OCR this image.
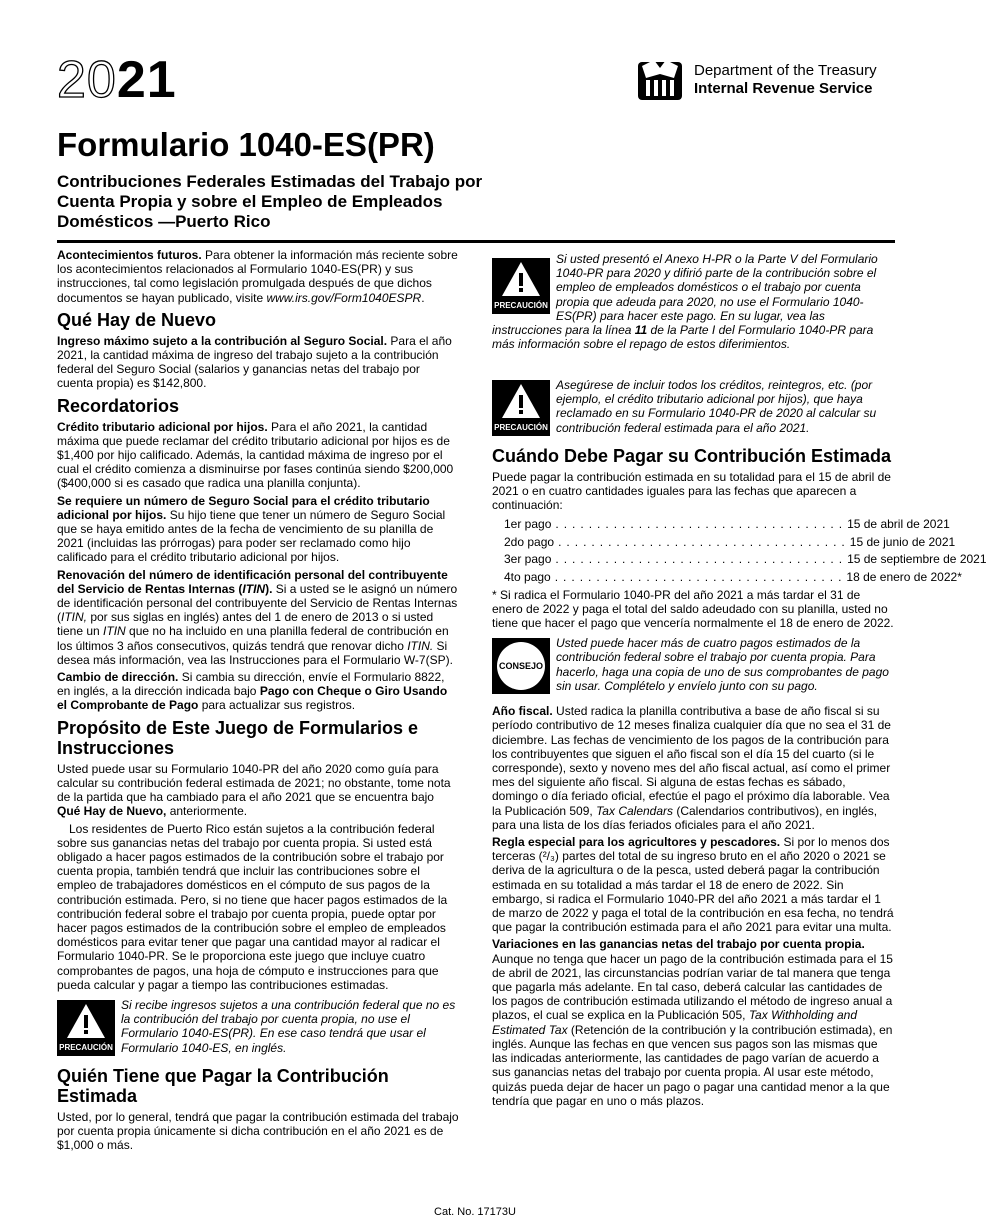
2021	Department of the Treasury
Internal Revenue Service
Formulario 1040-ES(PR)
Contribuciones Federales Estimadas del Trabajo por Cuenta Propia y sobre el Empleo de Empleados Domésticos —Puerto Rico

Acontecimientos futuros. Para obtener la información más reciente sobre los acontecimientos relacionados al Formulario 1040-ES(PR) y sus instrucciones, tal como legislación promulgada después de que dichos documentos se hayan publicado, visite www.irs.gov/Form1040ESPR.

Qué Hay de Nuevo

Ingreso máximo sujeto a la contribución al Seguro Social. Para el año 2021, la cantidad máxima de ingreso del trabajo sujeto a la contribución federal del Seguro Social (salarios y ganancias netas del trabajo por cuenta propia) es $142,800.

Recordatorios

Crédito tributario adicional por hijos. Para el año 2021, la cantidad máxima que puede reclamar del crédito tributario adicional por hijos es de $1,400 por hijo calificado. Además, la cantidad máxima de ingreso por el cual el crédito comienza a disminuirse por fases continúa siendo $200,000 ($400,000 si es casado que radica una planilla conjunta).

Se requiere un número de Seguro Social para el crédito tributario adicional por hijos. Su hijo tiene que tener un número de Seguro Social que se haya emitido antes de la fecha de vencimiento de su planilla de 2021 (incluidas las prórrogas) para poder ser reclamado como hijo calificado para el crédito tributario adicional por hijos.

Renovación del número de identificación personal del contribuyente del Servicio de Rentas Internas (ITIN). Si a usted se le asignó un número de identificación personal del contribuyente del Servicio de Rentas Internas (ITIN, por sus siglas en inglés) antes del 1 de enero de 2013 o si usted tiene un ITIN que no ha incluido en una planilla federal de contribución en los últimos 3 años consecutivos, quizás tendrá que renovar dicho ITIN. Si desea más información, vea las Instrucciones para el Formulario W-7(SP).

Cambio de dirección. Si cambia su dirección, envíe el Formulario 8822, en inglés, a la dirección indicada bajo Pago con Cheque o Giro Usando el Comprobante de Pago para actualizar sus registros.

Propósito de Este Juego de Formularios e Instrucciones

Usted puede usar su Formulario 1040-PR del año 2020 como guía para calcular su contribución federal estimada de 2021; no obstante, tome nota de la partida que ha cambiado para el año 2021 que se encuentra bajo Qué Hay de Nuevo, anteriormente.

Los residentes de Puerto Rico están sujetos a la contribución federal sobre sus ganancias netas del trabajo por cuenta propia. Si usted está obligado a hacer pagos estimados de la contribución sobre el trabajo por cuenta propia, también tendrá que incluir las contribuciones sobre el empleo de trabajadores domésticos en el cómputo de sus pagos de la contribución estimada. Pero, si no tiene que hacer pagos estimados de la contribución federal sobre el trabajo por cuenta propia, puede optar por hacer pagos estimados de la contribución sobre el empleo de empleados domésticos para evitar tener que pagar una cantidad mayor al radicar el Formulario 1040-PR. Se le proporciona este juego que incluye cuatro comprobantes de pagos, una hoja de cómputo e instrucciones para que pueda calcular y pagar a tiempo las contribuciones estimadas.

PRECAUCIÓN
Si recibe ingresos sujetos a una contribución federal que no es la contribución del trabajo por cuenta propia, no use el Formulario 1040-ES(PR). En ese caso tendrá que usar el Formulario 1040-ES, en inglés.
Quién Tiene que Pagar la Contribución Estimada

Usted, por lo general, tendrá que pagar la contribución estimada del trabajo por cuenta propia únicamente si dicha contribución en el año 2021 es de $1,000 o más.

PRECAUCIÓN
Si usted presentó el Anexo H-PR o la Parte V del Formulario 1040-PR para 2020 y difirió parte de la contribución sobre el empleo de empleados domésticos o el trabajo por cuenta propia que adeuda para 2020, no use el Formulario 1040-ES(PR) para hacer este pago. En su lugar, vea las instrucciones para la línea 11 de la Parte I del Formulario 1040-PR para más información sobre el repago de estos diferimientos.
PRECAUCIÓN
Asegúrese de incluir todos los créditos, reintegros, etc. (por ejemplo, el crédito tributario adicional por hijos), que haya reclamado en su Formulario 1040-PR de 2020 al calcular su contribución federal estimada para el año 2021.
Cuándo Debe Pagar su Contribución Estimada

Puede pagar la contribución estimada en su totalidad para el 15 de abril de 2021 o en cuatro cantidades iguales para las fechas que aparecen a continuación:

1er pago ................................... 15 de abril de 2021
2do pago ................................... 15 de junio de 2021
3er pago ................................... 15 de septiembre de 2021
4to pago ................................... 18 de enero de 2022*

* Si radica el Formulario 1040-PR del año 2021 a más tardar el 31 de enero de 2022 y paga el total del saldo adeudado con su planilla, usted no tiene que hacer el pago que vencería normalmente el 18 de enero de 2022.

CONSEJO
Usted puede hacer más de cuatro pagos estimados de la contribución federal sobre el trabajo por cuenta propia. Para hacerlo, haga una copia de uno de sus comprobantes de pago sin usar. Complételo y envíelo junto con su pago.

Año fiscal. Usted radica la planilla contributiva a base de año fiscal si su período contributivo de 12 meses finaliza cualquier día que no sea el 31 de diciembre. Las fechas de vencimiento de los pagos de la contribución para los contribuyentes que siguen el año fiscal son el día 15 del cuarto (si le corresponde), sexto y noveno mes del año fiscal actual, así como el primer mes del siguiente año fiscal. Si alguna de estas fechas es sábado, domingo o día feriado oficial, efectúe el pago el próximo día laborable. Vea la Publicación 509, Tax Calendars (Calendarios contributivos), en inglés, para una lista de los días feriados oficiales para el año 2021.

Regla especial para los agricultores y pescadores. Si por lo menos dos terceras (²/₃) partes del total de su ingreso bruto en el año 2020 o 2021 se deriva de la agricultura o de la pesca, usted deberá pagar la contribución estimada en su totalidad a más tardar el 18 de enero de 2022. Sin embargo, si radica el Formulario 1040-PR del año 2021 a más tardar el 1 de marzo de 2022 y paga el total de la contribución en esa fecha, no tendrá que pagar la contribución estimada para el año 2021 para evitar una multa.

Variaciones en las ganancias netas del trabajo por cuenta propia. Aunque no tenga que hacer un pago de la contribución estimada para el 15 de abril de 2021, las circunstancias podrían variar de tal manera que tenga que pagarla más adelante. En tal caso, deberá calcular las cantidades de los pagos de contribución estimada utilizando el método de ingreso anual a plazos, el cual se explica en la Publicación 505, Tax Withholding and Estimated Tax (Retención de la contribución y la contribución estimada), en inglés. Aunque las fechas en que vencen sus pagos son las mismas que las indicadas anteriormente, las cantidades de pago varían de acuerdo a sus ganancias netas del trabajo por cuenta propia. Al usar este método, quizás pueda dejar de hacer un pago o pagar una cantidad menor a la que tendría que pagar en uno o más plazos.

Cat. No. 17173U
